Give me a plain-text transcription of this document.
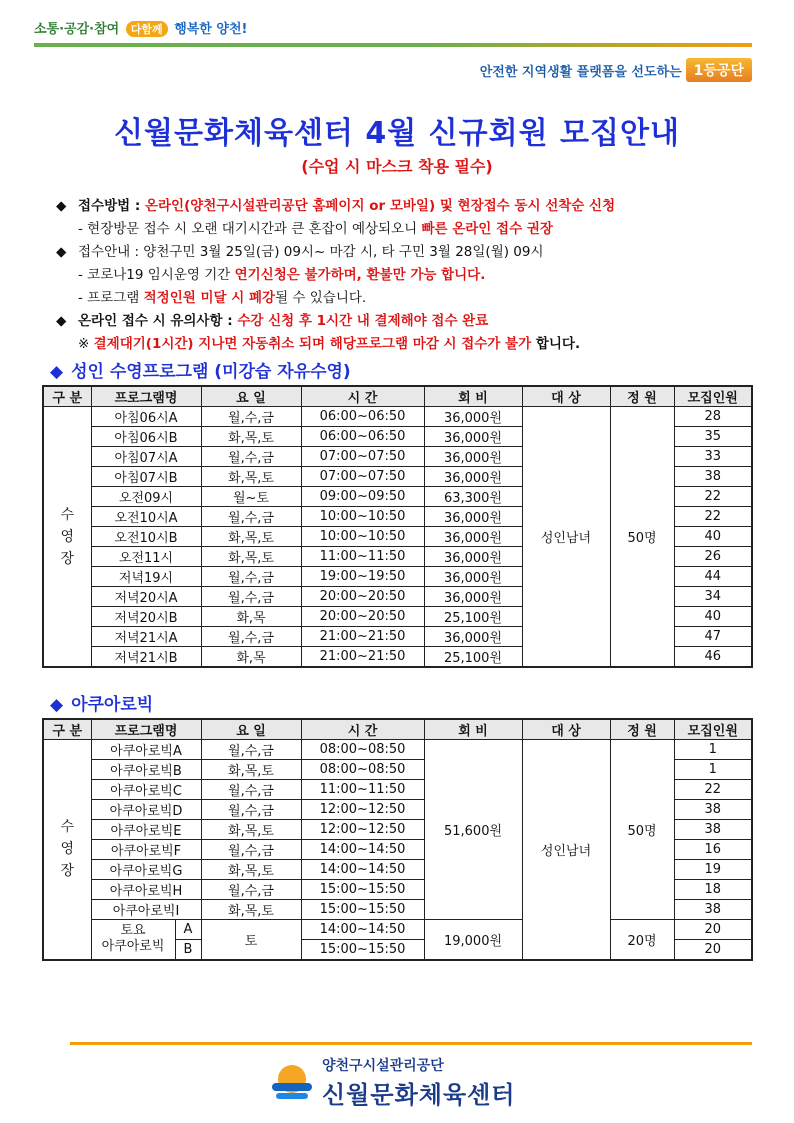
소통·공감·참여 다함께 행복한 양천!
안전한 지역생활 플랫폼을 선도하는 1등공단
신월문화체육센터 4월 신규회원 모집안내
(수업 시 마스크 착용 필수)
◆ 접수방법 : 온라인(양천구시설관리공단 홈페이지 or 모바일) 및 현장접수 동시 선착순 신청
- 현장방문 접수 시 오랜 대기시간과 큰 혼잡이 예상되오니 빠른 온라인 접수 권장
◆ 접수안내 : 양천구민 3월 25일(금) 09시~ 마감 시, 타 구민 3월 28일(월) 09시
- 코로나19 임시운영 기간 연기신청은 불가하며, 환불만 가능 합니다.
- 프로그램 적정인원 미달 시 폐강될 수 있습니다.
◆ 온라인 접수 시 유의사항 : 수강 신청 후 1시간 내 결제해야 접수 완료
※ 결제대기(1시간) 지나면 자동취소 되며 해당프로그램 마감 시 접수가 불가 합니다.
◆ 성인 수영프로그램 (미강습 자유수영)
구 분	프로그램명	요 일	시 간	회 비	대 상	정 원	모집인원

수
영
장	아침06시A	월,수,금	06:00~06:50	36,000원	성인남녀	50명	28
	아침06시B	화,목,토	06:00~06:50	36,000원			35
	아침07시A	월,수,금	07:00~07:50	36,000원			33
	아침07시B	화,목,토	07:00~07:50	36,000원			38
	오전09시	월~토	09:00~09:50	63,300원			22
	오전10시A	월,수,금	10:00~10:50	36,000원			22
	오전10시B	화,목,토	10:00~10:50	36,000원			40
	오전11시	화,목,토	11:00~11:50	36,000원			26
	저녁19시	월,수,금	19:00~19:50	36,000원			44
	저녁20시A	월,수,금	20:00~20:50	36,000원			34
	저녁20시B	화,목	20:00~20:50	25,100원			40
	저녁21시A	월,수,금	21:00~21:50	36,000원			47
	저녁21시B	화,목	21:00~21:50	25,100원			46
◆ 아쿠아로빅
구 분	프로그램명		요 일	시 간	회 비	대 상	정 원	모집인원

수
영
장	아쿠아로빅A		월,수,금	08:00~08:50	51,600원	성인남녀	50명	1
	아쿠아로빅B		화,목,토	08:00~08:50				1
	아쿠아로빅C		월,수,금	11:00~11:50				22
	아쿠아로빅D		월,수,금	12:00~12:50				38
	아쿠아로빅E		화,목,토	12:00~12:50				38
	아쿠아로빅F		월,수,금	14:00~14:50				16
	아쿠아로빅G		화,목,토	14:00~14:50				19
	아쿠아로빅H		월,수,금	15:00~15:50				18
	아쿠아로빅I		화,목,토	15:00~15:50				38

	토요
아쿠아로빅	A	토	14:00~14:50	19,000원		20명	20
		B		15:00~15:50				20
양천구시설관리공단
신월문화체육센터
